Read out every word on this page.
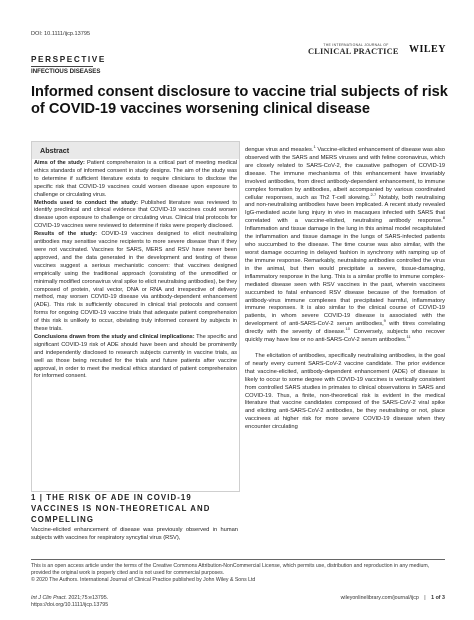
DOI: 10.1111/ijcp.13795
THE INTERNATIONAL JOURNAL OF
CLINICAL PRACTICE	WILEY
PERSPECTIVE
INFECTIOUS DISEASES
Informed consent disclosure to vaccine trial subjects of risk of COVID-19 vaccines worsening clinical disease
Abstract

Aims of the study: Patient comprehension is a critical part of meeting medical ethics standards of informed consent in study designs. The aim of the study was to determine if sufficient literature exists to require clinicians to disclose the specific risk that COVID-19 vaccines could worsen disease upon exposure to challenge or circulating virus.

Methods used to conduct the study: Published literature was reviewed to identify preclinical and clinical evidence that COVID-19 vaccines could worsen disease upon exposure to challenge or circulating virus. Clinical trial protocols for COVID-19 vaccines were reviewed to determine if risks were properly disclosed.

Results of the study: COVID-19 vaccines designed to elicit neutralising antibodies may sensitise vaccine recipients to more severe disease than if they were not vaccinated. Vaccines for SARS, MERS and RSV have never been approved, and the data generated in the development and testing of these vaccines suggest a serious mechanistic concern: that vaccines designed empirically using the traditional approach (consisting of the unmodified or minimally modified coronavirus viral spike to elicit neutralising antibodies), be they composed of protein, viral vector, DNA or RNA and irrespective of delivery method, may worsen COVID-19 disease via antibody-dependent enhancement (ADE). This risk is sufficiently obscured in clinical trial protocols and consent forms for ongoing COVID-19 vaccine trials that adequate patient comprehension of this risk is unlikely to occur, obviating truly informed consent by subjects in these trials.

Conclusions drawn from the study and clinical implications: The specific and significant COVID-19 risk of ADE should have been and should be prominently and independently disclosed to research subjects currently in vaccine trials, as well as those being recruited for the trials and future patients after vaccine approval, in order to meet the medical ethics standard of patient comprehension for informed consent.

1 | THE RISK OF ADE IN COVID-19 VACCINES IS NON-THEORETICAL AND COMPELLING
Vaccine-elicited enhancement of disease was previously observed in human subjects with vaccines for respiratory syncytial virus (RSV),

dengue virus and measles.$^1$ Vaccine-elicited enhancement of disease was also observed with the SARS and MERS viruses and with feline coronavirus, which are closely related to SARS-CoV-2, the causative pathogen of COVID-19 disease. The immune mechanisms of this enhancement have invariably involved antibodies, from direct antibody-dependent enhancement, to immune complex formation by antibodies, albeit accompanied by various coordinated cellular responses, such as Th2 T-cell skewing.$^{2-7}$ Notably, both neutralising and non-neutralising antibodies have been implicated. A recent study revealed IgG-mediated acute lung injury in vivo in macaques infected with SARS that correlated with a vaccine-elicited, neutralising antibody response.$^8$ Inflammation and tissue damage in the lung in this animal model recapitulated the inflammation and tissue damage in the lungs of SARS-infected patients who succumbed to the disease. The time course was also similar, with the worst damage occurring in delayed fashion in synchrony with ramping up of the immune response. Remarkably, neutralising antibodies controlled the virus in the animal, but then would precipitate a severe, tissue-damaging, inflammatory response in the lung. This is a similar profile to immune complex-mediated disease seen with RSV vaccines in the past, wherein vaccinees succumbed to fatal enhanced RSV disease because of the formation of antibody-virus immune complexes that precipitated harmful, inflammatory immune responses. It is also similar to the clinical course of COVID-19 patients, in whom severe COVID-19 disease is associated with the development of anti-SARS-CoV-2 serum antibodies,$^9$ with titres correlating directly with the severity of disease.$^{10}$ Conversely, subjects who recover quickly may have low or no anti-SARS-CoV-2 serum antibodies.$^{11}$

The elicitation of antibodies, specifically neutralising antibodies, is the goal of nearly every current SARS-CoV-2 vaccine candidate. The prior evidence that vaccine-elicited, antibody-dependent enhancement (ADE) of disease is likely to occur to some degree with COVID-19 vaccines is vertically consistent from controlled SARS studies in primates to clinical observations in SARS and COVID-19. Thus, a finite, non-theoretical risk is evident in the medical literature that vaccine candidates composed of the SARS-CoV-2 viral spike and eliciting anti-SARS-CoV-2 antibodies, be they neutralising or not, place vaccinees at higher risk for more severe COVID-19 disease when they encounter circulating

This is an open access article under the terms of the Creative Commons Attribution-NonCommercial License, which permits use, distribution and reproduction in any medium, provided the original work is properly cited and is not used for commercial purposes.
© 2020 The Authors. International Journal of Clinical Practice published by John Wiley & Sons Ltd
Int J Clin Pract. 2021;75:e13795.
https://doi.org/10.1111/ijcp.13795
wileyonlinelibrary.com/journal/ijcp | 1 of 3
